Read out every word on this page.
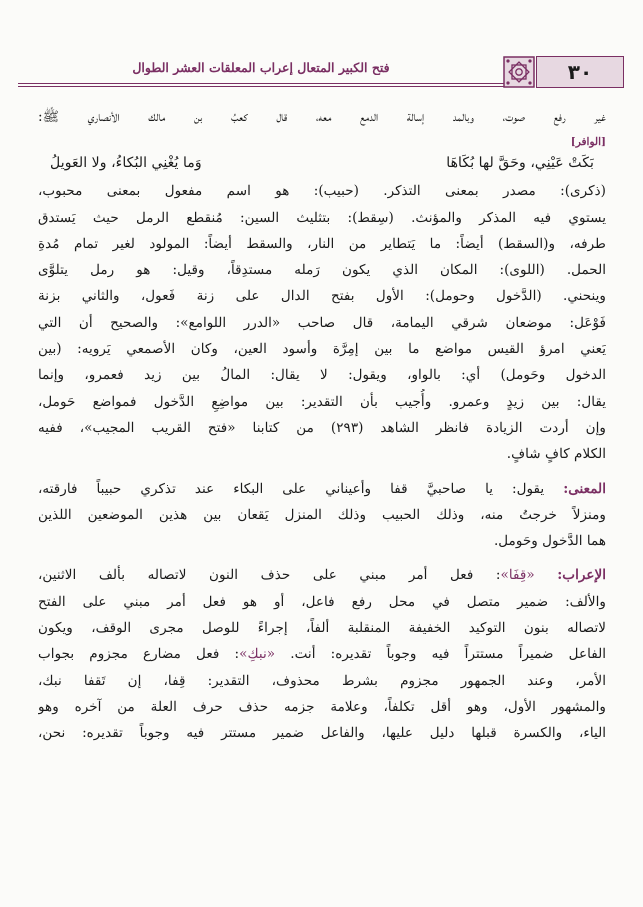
فتح الكبير المتعال إعراب المعلقات العشر الطوال	٣٠

غير رفع صوت، وبالمد إسالة الدمع معه، قال كعبُ بن مالك الأنصاري ﷺ:

[الوافر]
بَكَتْ عَيْنِي، وحَقَّ لها بُكَاهَا
وَما يُغْنِي البُكاءُ، ولا العَويلُ

(ذكرى): مصدر بمعنى التذكر. (حبيب): هو اسم مفعول بمعنى محبوب،

يستوي فيه المذكر والمؤنث. (سِقط): بتثليث السين: مُنقطع الرمل حيث يَستدق

طرفه، و(السقط) أيضاً: ما يَتطاير من النار، والسقط أيضاً: المولود لغير تمام مُدةِ

الحمل. (اللوى): المكان الذي يكون رَمله مستدِقاً، وقيل: هو رمل يتلوَّى

وينحني. (الدَّخول وحومل): الأول بفتح الدال على زنة فَعول، والثاني بزنة

فَوْعَل: موضعان شرقي اليمامة، قال صاحب «الدرر اللوامع»: والصحيح أن التي

يَعني امرؤ القيس مواضع ما بين إمِرَّة وأسود العين، وكان الأصمعي يَرويه: (بين

الدخول وحَومل) أي: بالواو، ويقول: لا يقال: المالُ بين زيد فعمرو، وإنما

يقال: بين زيدٍ وعمرو. وأُجيب بأن التقدير: بين مواضِعِ الدَّخول فمواضع حَومل،

وإن أردت الزيادة فانظر الشاهد (٢٩٣) من كتابنا «فتح القريب المجيب»، ففيه

الكلام كافٍ شافٍ.

المعنى: يقول: يا صاحبيَّ قفا وأعيناني على البكاء عند تذكري حبيباً فارقته،

ومنزلاً خرجتُ منه، وذلك الحبيب وذلك المنزل يَقعان بين هذين الموضعين اللذين

هما الدَّخول وحَومل.

الإعراب: «قِفَا»: فعل أمر مبني على حذف النون لاتصاله بألف الاثنين،

والألف: ضمير متصل في محل رفع فاعل، أو هو فعل أمر مبني على الفتح

لاتصاله بنون التوكيد الخفيفة المنقلبة ألفاً، إجراءً للوصل مجرى الوقف، ويكون

الفاعل ضميراً مستتراً فيه وجوباً تقديره: أنت. «نبكِ»: فعل مضارع مجزوم بجواب

الأمر، وعند الجمهور مجزوم بشرط محذوف، التقدير: قِفا، إن تَقفا نبك،

والمشهور الأول، وهو أقل تكلفاً، وعلامة جزمه حذف حرف العلة من آخره وهو

الياء، والكسرة قبلها دليل عليها، والفاعل ضمير مستتر فيه وجوباً تقديره: نحن،
